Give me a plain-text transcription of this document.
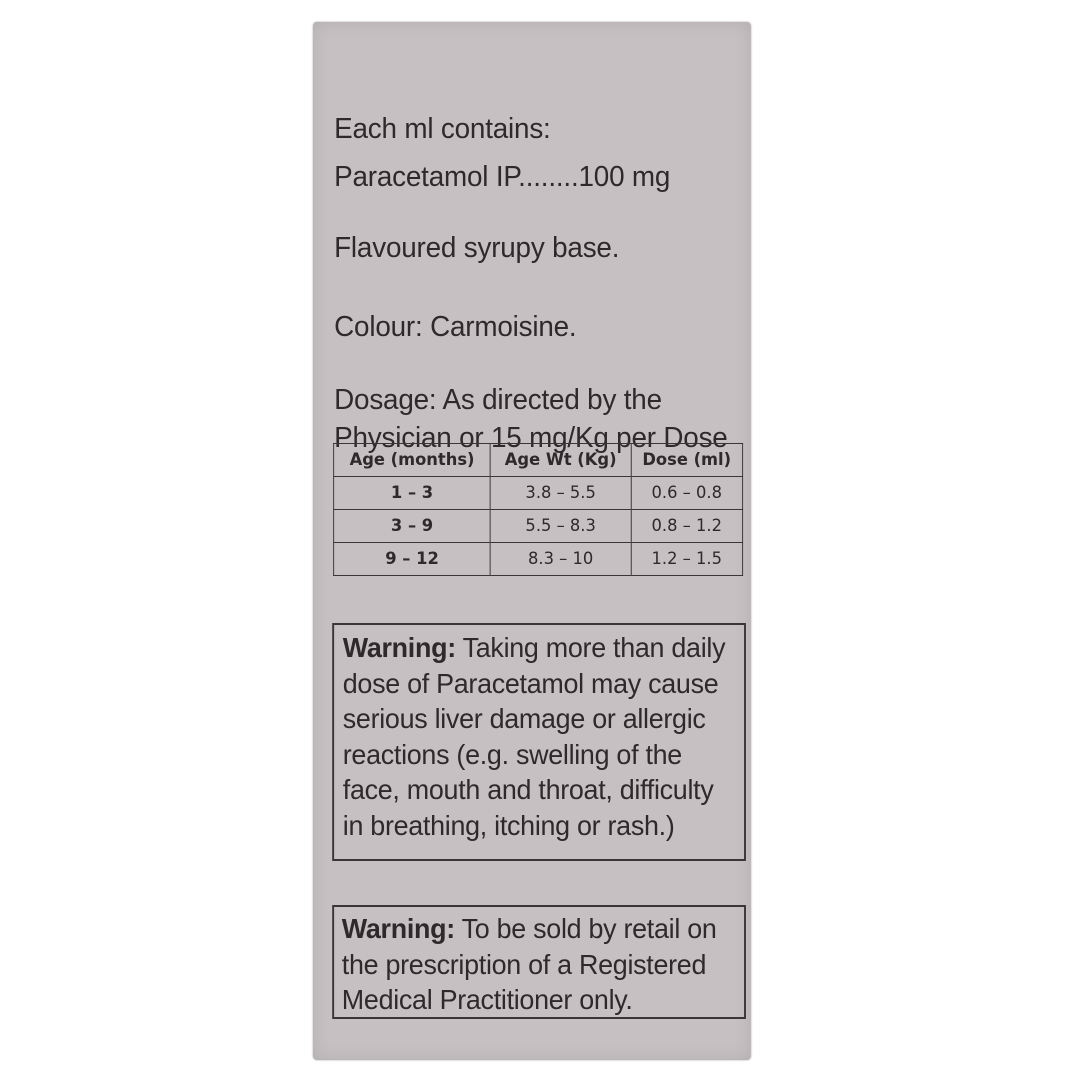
Each ml contains:
Paracetamol IP........100 mg
Flavoured syrupy base.
Colour: Carmoisine.
Dosage: As directed by the
Physician or 15 mg/Kg per Dose
Age (months)	Age Wt (Kg)	Dose (ml)
1 – 3	3.8 – 5.5	0.6 – 0.8
3 – 9	5.5 – 8.3	0.8 – 1.2
9 – 12	8.3 – 10	1.2 – 1.5
Warning: Taking more than daily
dose of Paracetamol may cause
serious liver damage or allergic
reactions (e.g. swelling of the
face, mouth and throat, difficulty
in breathing, itching or rash.)
Warning: To be sold by retail on
the prescription of a Registered
Medical Practitioner only.
